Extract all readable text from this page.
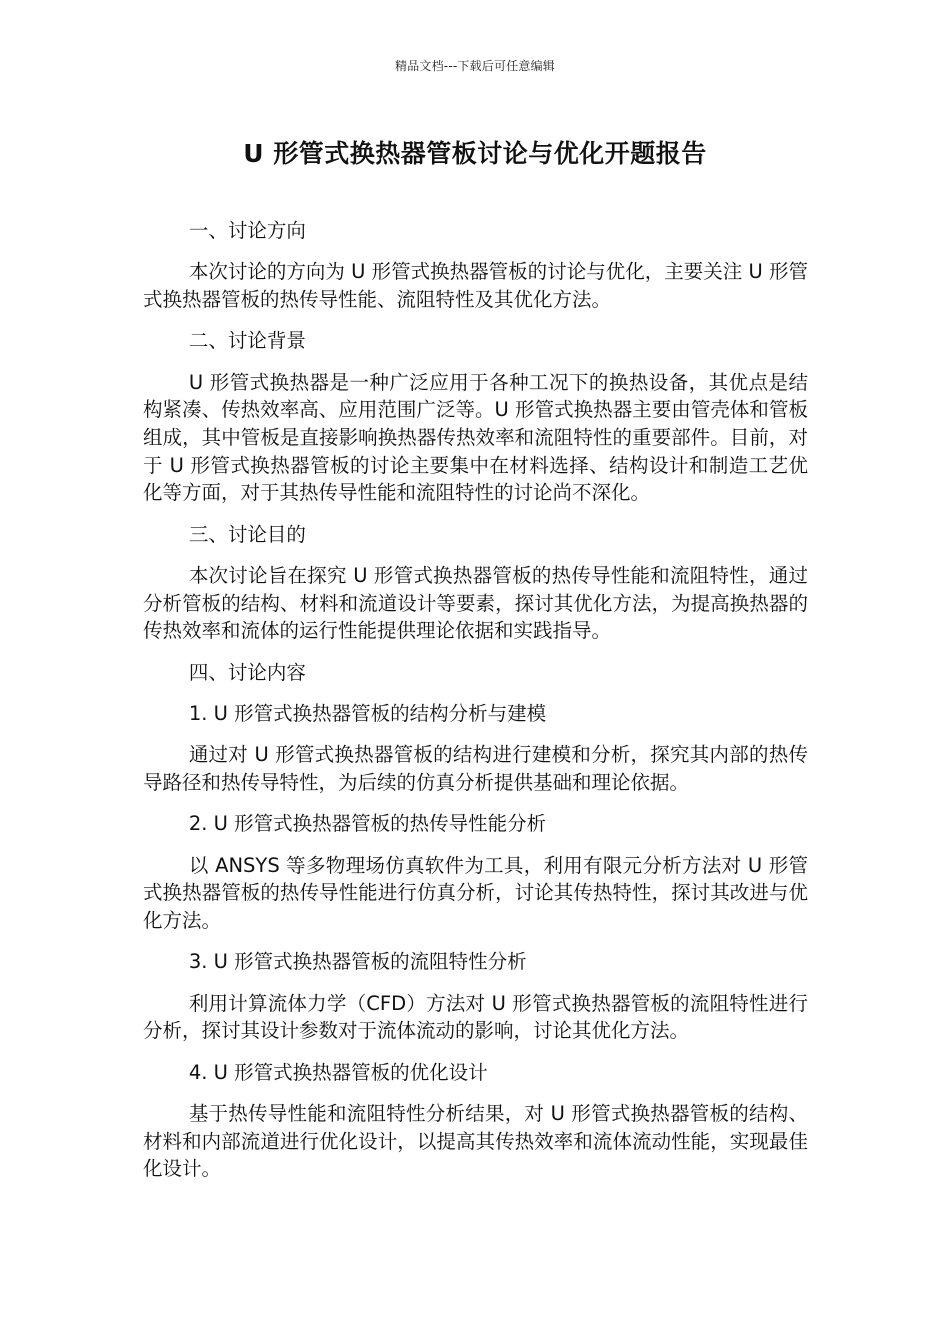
精品文档---下载后可任意编辑
U 形管式换热器管板讨论与优化开题报告
一、讨论方向
本次讨论的方向为 U 形管式换热器管板的讨论与优化，主要关注 U 形管式换热器管板的热传导性能、流阻特性及其优化方法。
二、讨论背景
U 形管式换热器是一种广泛应用于各种工况下的换热设备，其优点是结构紧凑、传热效率高、应用范围广泛等。U 形管式换热器主要由管壳体和管板组成，其中管板是直接影响换热器传热效率和流阻特性的重要部件。目前，对于 U 形管式换热器管板的讨论主要集中在材料选择、结构设计和制造工艺优化等方面，对于其热传导性能和流阻特性的讨论尚不深化。
三、讨论目的
本次讨论旨在探究 U 形管式换热器管板的热传导性能和流阻特性，通过分析管板的结构、材料和流道设计等要素，探讨其优化方法，为提高换热器的传热效率和流体的运行性能提供理论依据和实践指导。
四、讨论内容
1. U 形管式换热器管板的结构分析与建模
通过对 U 形管式换热器管板的结构进行建模和分析，探究其内部的热传导路径和热传导特性，为后续的仿真分析提供基础和理论依据。
2. U 形管式换热器管板的热传导性能分析
以 ANSYS 等多物理场仿真软件为工具，利用有限元分析方法对 U 形管式换热器管板的热传导性能进行仿真分析，讨论其传热特性，探讨其改进与优化方法。
3. U 形管式换热器管板的流阻特性分析
利用计算流体力学（CFD）方法对 U 形管式换热器管板的流阻特性进行分析，探讨其设计参数对于流体流动的影响，讨论其优化方法。
4. U 形管式换热器管板的优化设计
基于热传导性能和流阻特性分析结果，对 U 形管式换热器管板的结构、材料和内部流道进行优化设计，以提高其传热效率和流体流动性能，实现最佳化设计。
